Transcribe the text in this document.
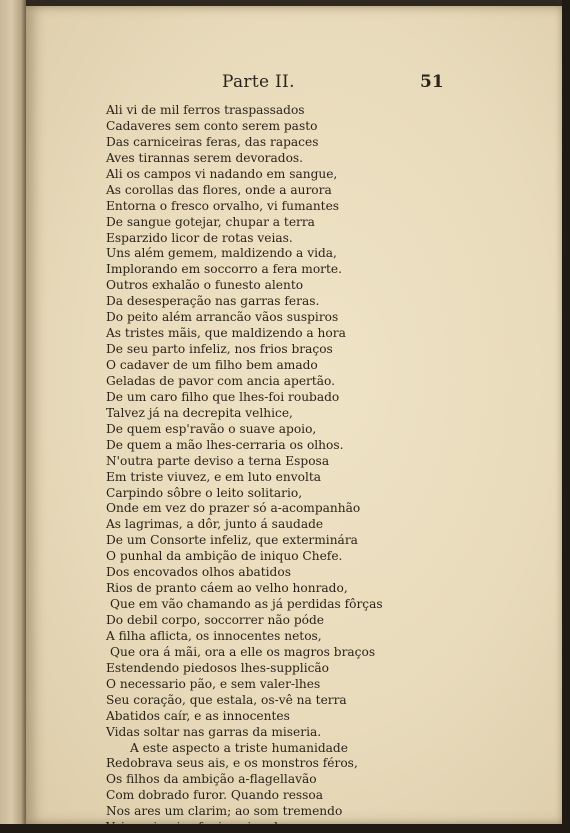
Parte II.	51
Ali vi de mil ferros traspassados
Cadaveres sem conto serem pasto
Das carniceiras feras, das rapaces
Aves tirannas serem devorados.
Ali os campos vi nadando em sangue,
As corollas das flores, onde a aurora
Entorna o fresco orvalho, vi fumantes
De sangue gotejar, chupar a terra
Esparzido licor de rotas veias.
Uns além gemem, maldizendo a vida,
Implorando em soccorro a fera morte.
Outros exhalão o funesto alento
Da desesperação nas garras feras.
Do peito além arrancão vãos suspiros
As tristes mãis, que maldizendo a hora
De seu parto infeliz, nos frios braços
O cadaver de um filho bem amado
Geladas de pavor com ancia apertão.
De um caro filho que lhes-foi roubado
Talvez já na decrepita velhice,
De quem esp'ravão o suave apoio,
De quem a mão lhes-cerraria os olhos.
N'outra parte deviso a terna Esposa
Em triste viuvez, e em luto envolta
Carpindo sôbre o leito solitario,
Onde em vez do prazer só a-acompanhão
As lagrimas, a dôr, junto á saudade
De um Consorte infeliz, que exterminára
O punhal da ambição de iniquo Chefe.
Dos encovados olhos abatidos
Rios de pranto cáem ao velho honrado,
Que em vão chamando as já perdidas fôrças
Do debil corpo, soccorrer não póde
A filha aflicta, os innocentes netos,
Que ora á mãi, ora a elle os magros braços
Estendendo piedosos lhes-supplicão
O necessario pão, e sem valer-lhes
Seu coração, que estala, os-vê na terra
Abatidos caír, e as innocentes
Vidas soltar nas garras da miseria.
A este aspecto a triste humanidade
Redobrava seus ais, e os monstros féros,
Os filhos da ambição a-flagellavão
Com dobrado furor. Quando ressoa
Nos ares um clarim; ao som tremendo
